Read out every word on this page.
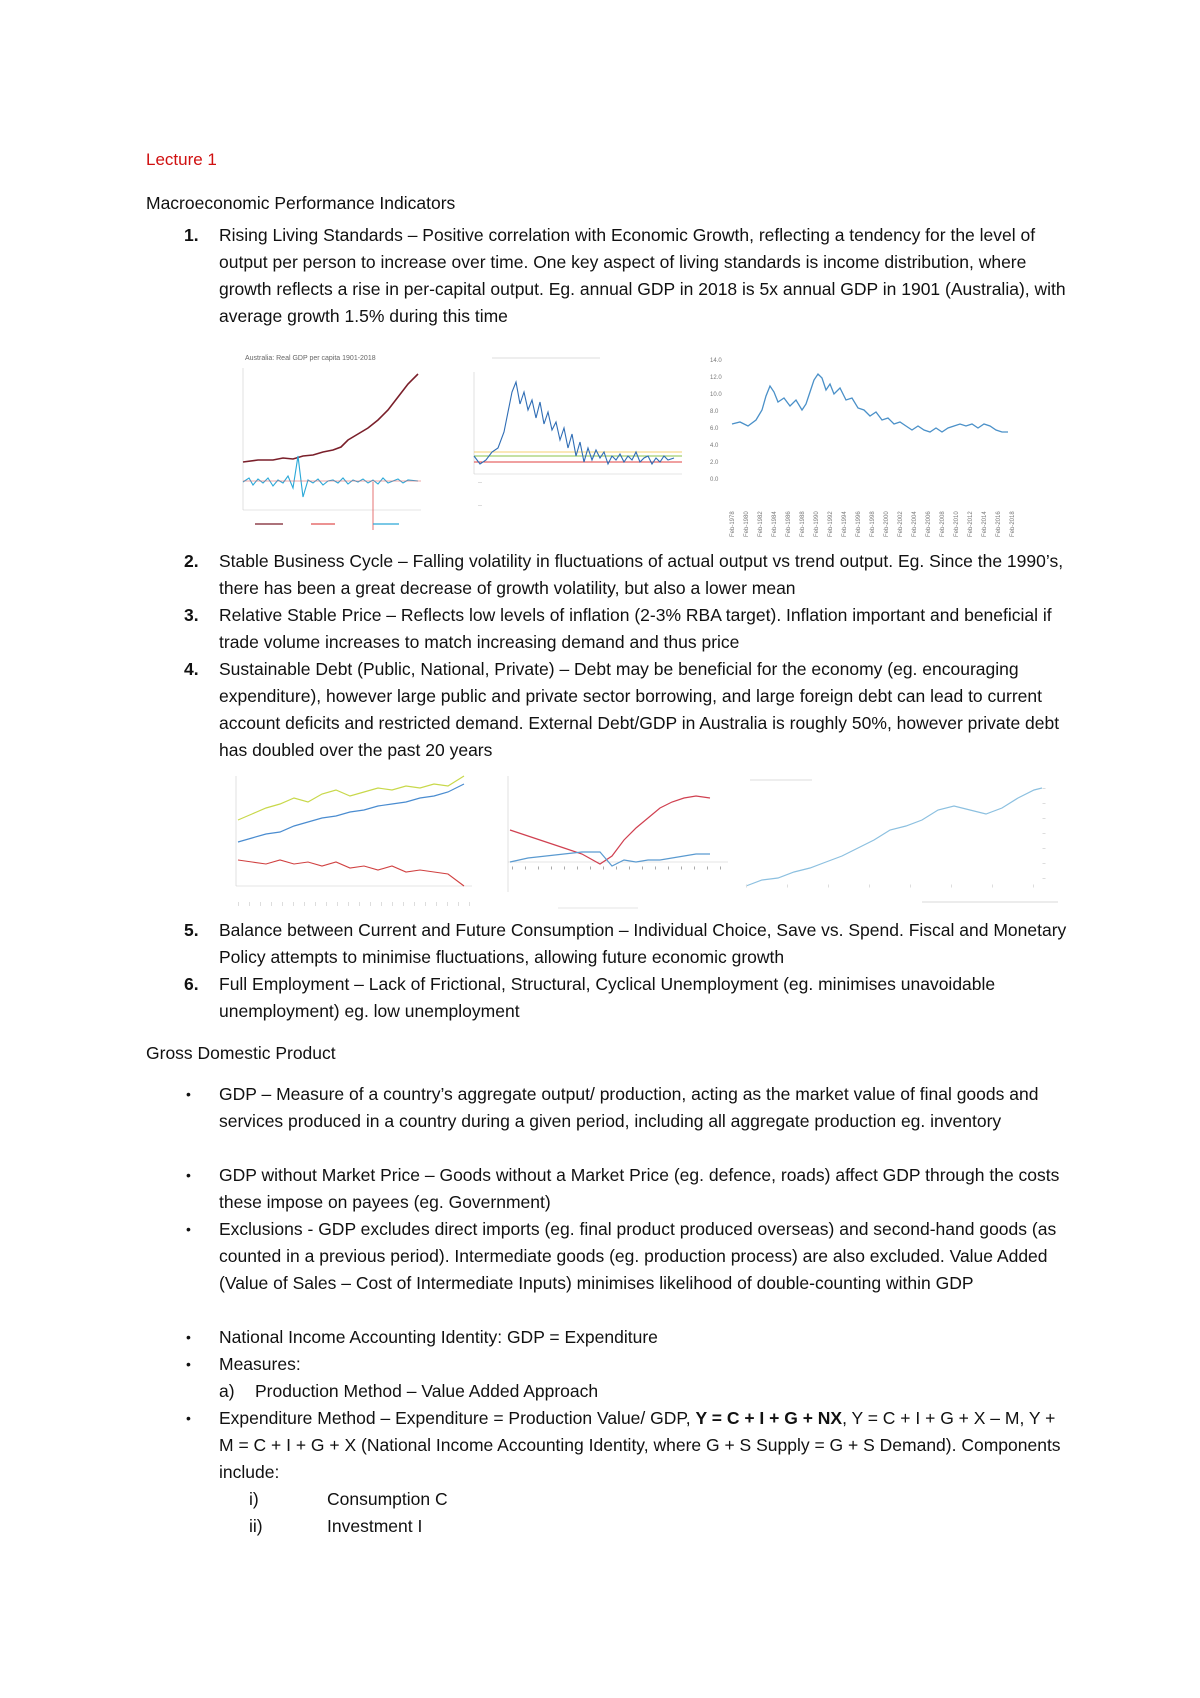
Lecture 1
Macroeconomic Performance Indicators
1. Rising Living Standards – Positive correlation with Economic Growth, reflecting a tendency for the level of output per person to increase over time. One key aspect of living standards is income distribution, where growth reflects a rise in per-capital output. Eg. annual GDP in 2018 is 5x annual GDP in 1901 (Australia), with average growth 1.5% during this time
Australia: Real GDP per capita 1901-2018	14.0
12.0
10.0
8.0
6.0
4.0
2.0
0.0
Feb-1978 Feb-1980 Feb-1982 Feb-1984 Feb-1986 Feb-1988 Feb-1990 Feb-1992 Feb-1994 Feb-1996 Feb-1998 Feb-2000 Feb-2002 Feb-2004 Feb-2006 Feb-2008 Feb-2010 Feb-2012 Feb-2014 Feb-2016 Feb-2018
2. Stable Business Cycle – Falling volatility in fluctuations of actual output vs trend output. Eg. Since the 1990’s, there has been a great decrease of growth volatility, but also a lower mean
3. Relative Stable Price – Reflects low levels of inflation (2-3% RBA target). Inflation important and beneficial if trade volume increases to match increasing demand and thus price
4. Sustainable Debt (Public, National, Private) – Debt may be beneficial for the economy (eg. encouraging expenditure), however large public and private sector borrowing, and large foreign debt can lead to current account deficits and restricted demand. External Debt/GDP in Australia is roughly 50%, however private debt has doubled over the past 20 years
5. Balance between Current and Future Consumption – Individual Choice, Save vs. Spend. Fiscal and Monetary Policy attempts to minimise fluctuations, allowing future economic growth
6. Full Employment – Lack of Frictional, Structural, Cyclical Unemployment (eg. minimises unavoidable unemployment) eg. low unemployment
Gross Domestic Product
• GDP – Measure of a country’s aggregate output/ production, acting as the market value of final goods and services produced in a country during a given period, including all aggregate production eg. inventory
• GDP without Market Price – Goods without a Market Price (eg. defence, roads) affect GDP through the costs these impose on payees (eg. Government)
• Exclusions - GDP excludes direct imports (eg. final product produced overseas) and second-hand goods (as counted in a previous period). Intermediate goods (eg. production process) are also excluded. Value Added (Value of Sales – Cost of Intermediate Inputs) minimises likelihood of double-counting within GDP
• National Income Accounting Identity: GDP = Expenditure
• Measures:
a) Production Method – Value Added Approach
• Expenditure Method – Expenditure = Production Value/ GDP, Y = C + I + G + NX, Y = C + I + G + X – M, Y + M = C + I + G + X (National Income Accounting Identity, where G + S Supply = G + S Demand). Components include:
i)	Consumption C
ii)	Investment I
